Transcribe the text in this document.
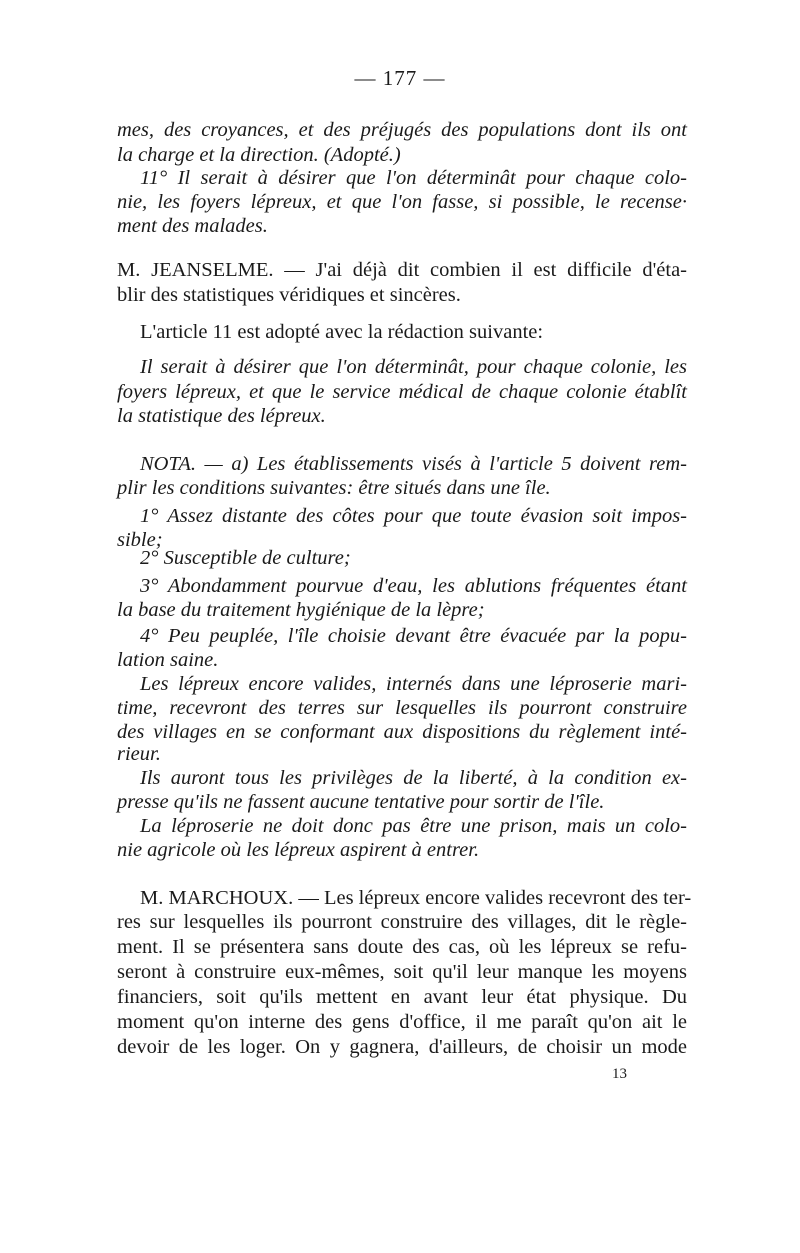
— 177 —
mes, des croyances, et des préjugés des populations dont ils ont
la charge et la direction. (Adopté.)
11° Il serait à désirer que l'on déterminât pour chaque colo-
nie, les foyers lépreux, et que l'on fasse, si possible, le recense·
ment des malades.
M. JEANSELME. — J'ai déjà dit combien il est difficile d'éta-
blir des statistiques véridiques et sincères.
L'article 11 est adopté avec la rédaction suivante:
Il serait à désirer que l'on déterminât, pour chaque colonie, les
foyers lépreux, et que le service médical de chaque colonie établît
la statistique des lépreux.
NOTA. — a) Les établissements visés à l'article 5 doivent rem-
plir les conditions suivantes: être situés dans une île.
1° Assez distante des côtes pour que toute évasion soit impos-
sible;
2° Susceptible de culture;
3° Abondamment pourvue d'eau, les ablutions fréquentes étant
la base du traitement hygiénique de la lèpre;
4° Peu peuplée, l'île choisie devant être évacuée par la popu-
lation saine.
Les lépreux encore valides, internés dans une léproserie mari-
time, recevront des terres sur lesquelles ils pourront construire
des villages en se conformant aux dispositions du règlement inté-
rieur.
Ils auront tous les privilèges de la liberté, à la condition ex-
presse qu'ils ne fassent aucune tentative pour sortir de l'île.
La léproserie ne doit donc pas être une prison, mais un colo-
nie agricole où les lépreux aspirent à entrer.
M. MARCHOUX. — Les lépreux encore valides recevront des ter-
res sur lesquelles ils pourront construire des villages, dit le règle-
ment. Il se présentera sans doute des cas, où les lépreux se refu-
seront à construire eux-mêmes, soit qu'il leur manque les moyens
financiers, soit qu'ils mettent en avant leur état physique. Du
moment qu'on interne des gens d'office, il me paraît qu'on ait le
devoir de les loger. On y gagnera, d'ailleurs, de choisir un mode
13
